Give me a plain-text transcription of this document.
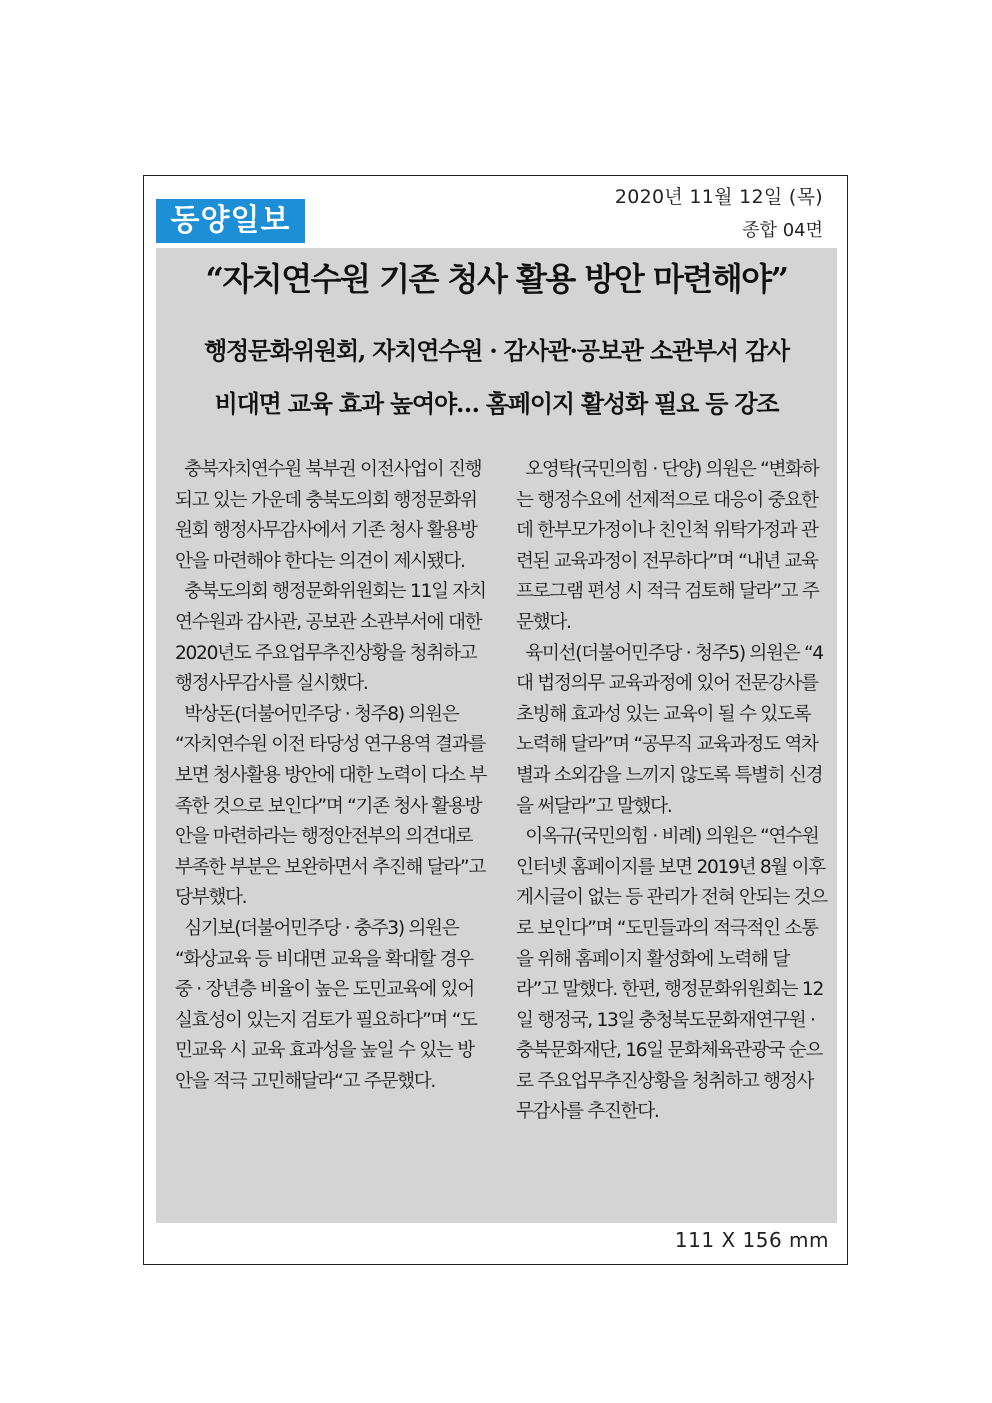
2020년 11월 12일 (목)
종합 04면
동양일보
“자치연수원 기존 청사 활용 방안 마련해야”
행정문화위원회, 자치연수원 · 감사관·공보관 소관부서 감사
비대면 교육 효과 높여야… 홈페이지 활성화 필요 등 강조

충북자치연수원 북부권 이전사업이 진행되고 있는 가운데 충북도의회 행정문화위원회 행정사무감사에서 기존 청사 활용방안을 마련해야 한다는 의견이 제시됐다.

충북도의회 행정문화위원회는 11일 자치연수원과 감사관, 공보관 소관부서에 대한 2020년도 주요업무추진상황을 청취하고 행정사무감사를 실시했다.

박상돈(더불어민주당 · 청주8) 의원은 “자치연수원 이전 타당성 연구용역 결과를 보면 청사활용 방안에 대한 노력이 다소 부족한 것으로 보인다”며 “기존 청사 활용방안을 마련하라는 행정안전부의 의견대로 부족한 부분은 보완하면서 추진해 달라”고 당부했다.

심기보(더불어민주당 · 충주3) 의원은 “화상교육 등 비대면 교육을 확대할 경우 중 · 장년층 비율이 높은 도민교육에 있어 실효성이 있는지 검토가 필요하다”며 “도민교육 시 교육 효과성을 높일 수 있는 방안을 적극 고민해달라“고 주문했다.

오영탁(국민의힘 · 단양) 의원은 “변화하는 행정수요에 선제적으로 대응이 중요한데 한부모가정이나 친인척 위탁가정과 관련된 교육과정이 전무하다”며 “내년 교육 프로그램 편성 시 적극 검토해 달라”고 주문했다.

육미선(더불어민주당 · 청주5) 의원은 “4대 법정의무 교육과정에 있어 전문강사를 초빙해 효과성 있는 교육이 될 수 있도록 노력해 달라”며 “공무직 교육과정도 역차별과 소외감을 느끼지 않도록 특별히 신경을 써달라”고 말했다.

이옥규(국민의힘 · 비례) 의원은 “연수원 인터넷 홈페이지를 보면 2019년 8월 이후 게시글이 없는 등 관리가 전혀 안되는 것으로 보인다”며 “도민들과의 적극적인 소통을 위해 홈페이지 활성화에 노력해 달라”고 말했다. 한편, 행정문화위원회는 12일 행정국, 13일 충청북도문화재연구원 · 충북문화재단, 16일 문화체육관광국 순으로 주요업무추진상황을 청취하고 행정사무감사를 추진한다.

111 X 156 mm
